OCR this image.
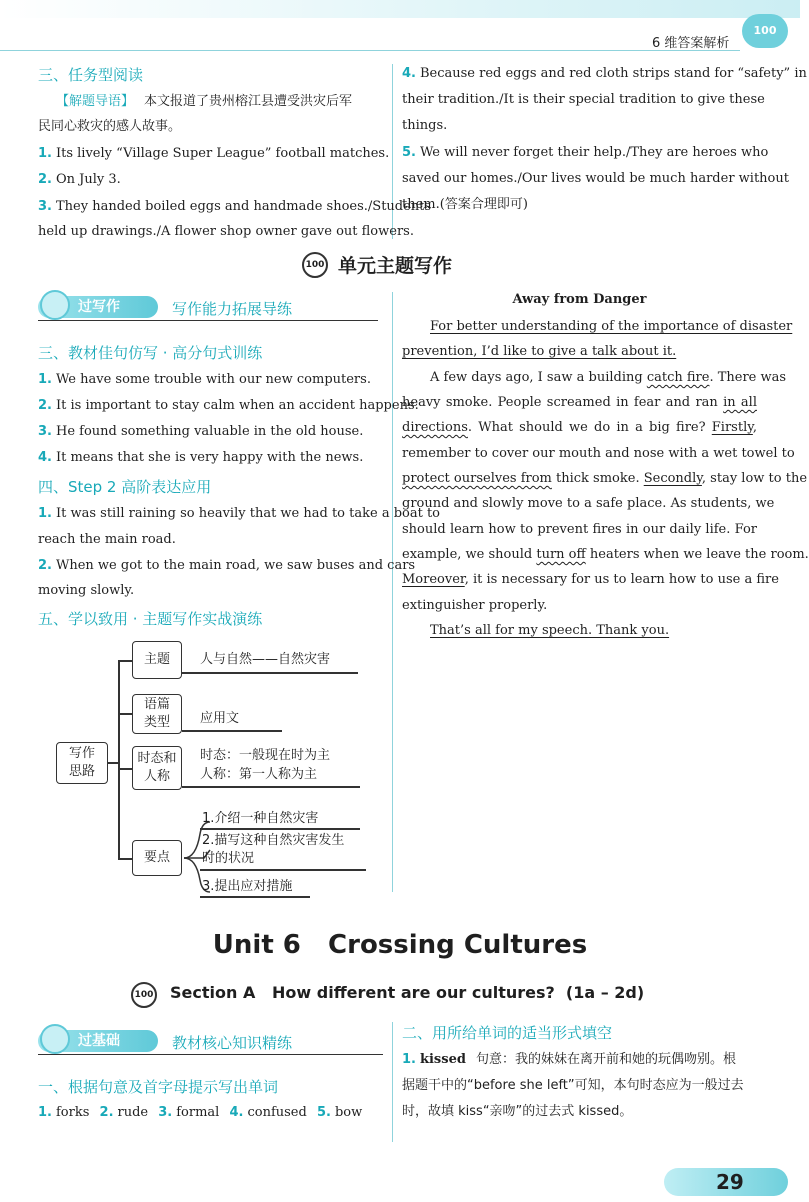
6 维答案解析
100
三、任务型阅读
【解题导语】 本文报道了贵州榕江县遭受洪灾后军
民同心救灾的感人故事。
1. Its lively “Village Super League” football matches.
2. On July 3.
3. They handed boiled eggs and handmade shoes./Students
held up drawings./A flower shop owner gave out flowers.
4. Because red eggs and red cloth strips stand for “safety” in
their tradition./It is their special tradition to give these
things.
5. We will never forget their help./They are heroes who
saved our homes./Our lives would be much harder without
them.(答案合理即可)
100 单元主题写作
过写作	写作能力拓展导练
三、教材佳句仿写 · 高分句式训练
1. We have some trouble with our new computers.
2. It is important to stay calm when an accident happens.
3. He found something valuable in the old house.
4. It means that she is very happy with the news.
四、Step 2 高阶表达应用
1. It was still raining so heavily that we had to take a boat to
reach the main road.
2. When we got to the main road, we saw buses and cars
moving slowly.
五、学以致用 · 主题写作实战演练
写作
思路
主题 人与自然——自然灾害
语篇
类型 应用文
时态和
人称
时态：一般现在时为主
人称：第一人称为主
要点
1.介绍一种自然灾害
2.描写这种自然灾害发生
时的状况
3.提出应对措施
Away from Danger
For better understanding of the importance of disaster
prevention, I’d like to give a talk about it.
A few days ago, I saw a building catch fire. There was
heavy smoke. People screamed in fear and ran in all
directions. What should we do in a big fire? Firstly,
remember to cover our mouth and nose with a wet towel to
protect ourselves from thick smoke. Secondly, stay low to the
ground and slowly move to a safe place. As students, we
should learn how to prevent fires in our daily life. For
example, we should turn off heaters when we leave the room.
Moreover, it is necessary for us to learn how to use a fire
extinguisher properly.
That’s all for my speech. Thank you.
Unit 6   Crossing Cultures
100 Section A   How different are our cultures?  (1a – 2d)
过基础	教材核心知识精练
一、根据句意及首字母提示写出单词
1. forks 2. rude 3. formal 4. confused 5. bow
二、用所给单词的适当形式填空
1. kissed 句意：我的妹妹在离开前和她的玩偶吻别。根
据题干中的“before she left”可知，本句时态应为一般过去
时，故填 kiss“亲吻”的过去式 kissed。
29
